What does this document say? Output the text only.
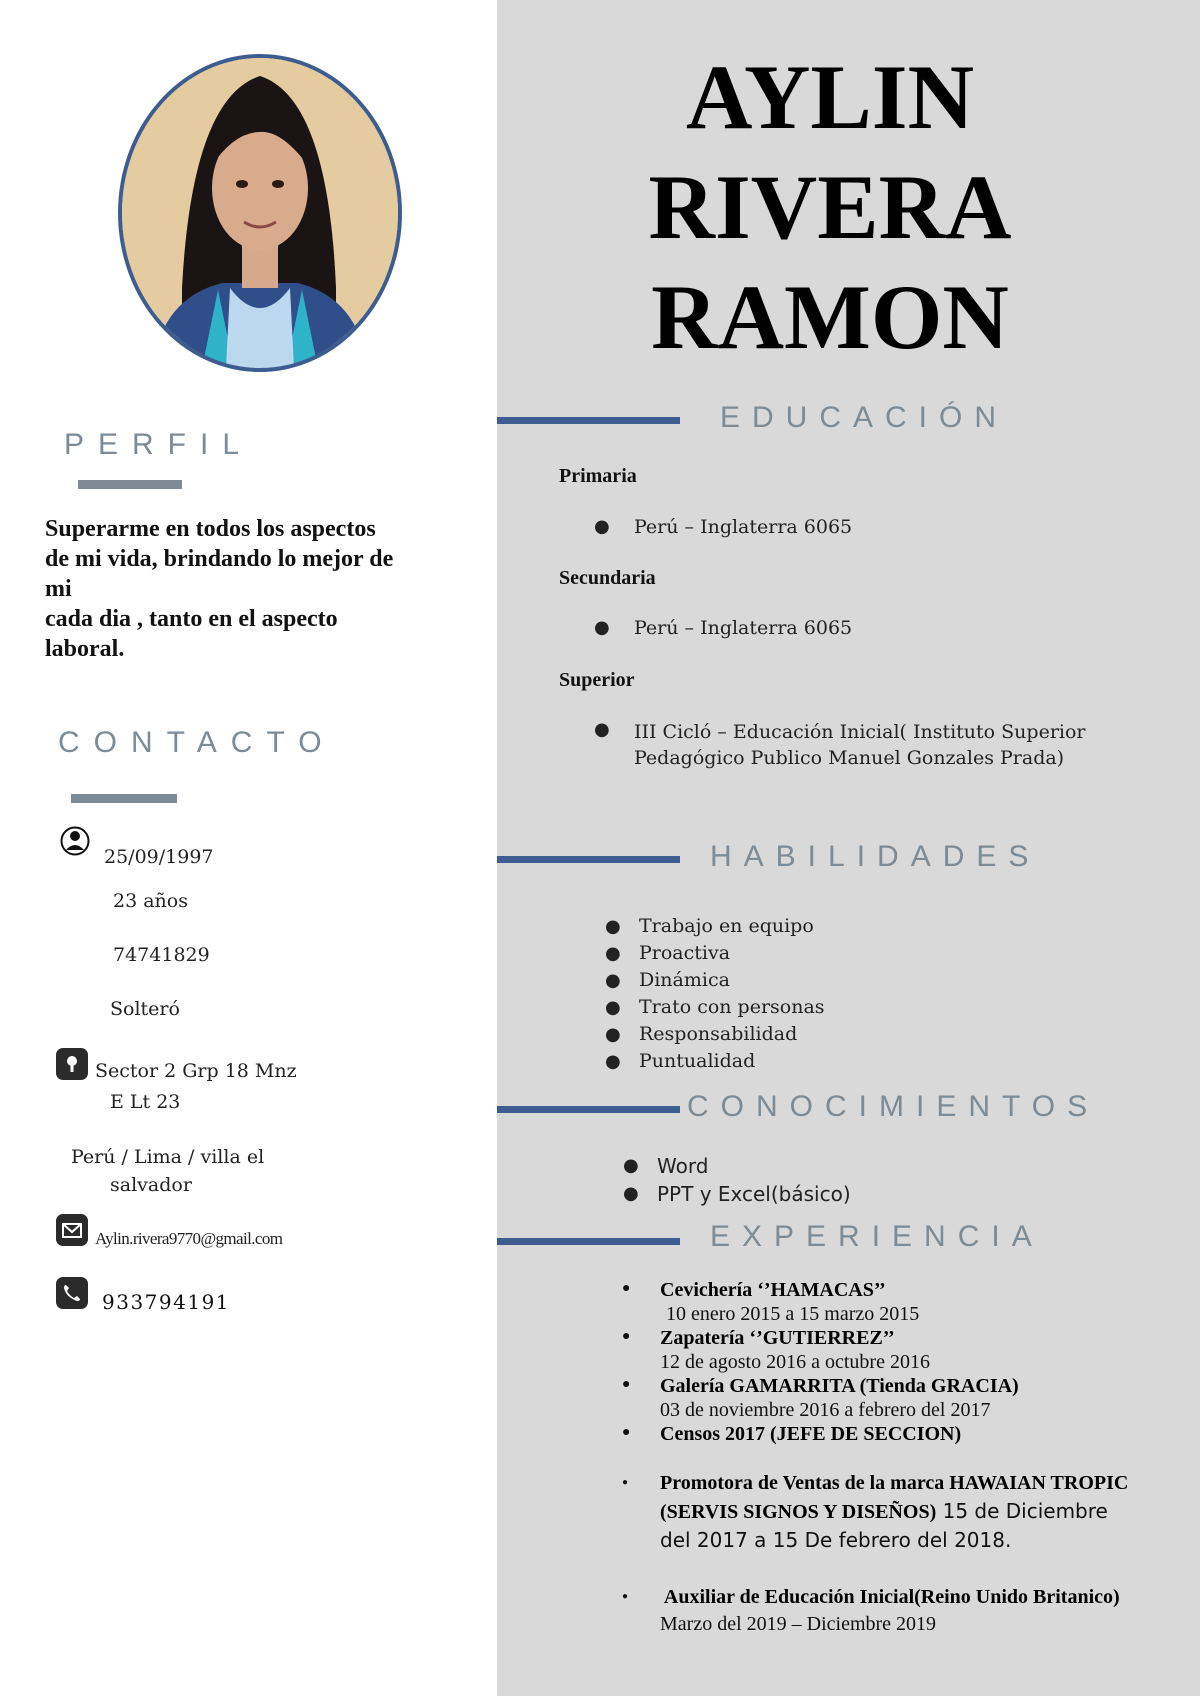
PERFIL

Superarme en todos los aspectos de mi vida, brindando lo mejor de mi
cada dia , tanto en el aspecto laboral.

CONTACTO
25/09/1997
23 años
74741829
Solteró
Sector 2 Grp 18 Mnz
E Lt 23
Perú / Lima / villa el
salvador
Aylin.rivera9770@gmail.com
933794191
AYLIN
RIVERA
RAMON
EDUCACIÓN
Primaria
●	Perú – Inglaterra 6065
Secundaria
●	Perú – Inglaterra 6065
Superior
●	III Cicló – Educación Inicial( Instituto Superior
Pedagógico Publico Manuel Gonzales Prada)
HABILIDADES
● Trabajo en equipo
● Proactiva
● Dinámica
● Trato con personas
● Responsabilidad
● Puntualidad
CONOCIMIENTOS
● Word
● PPT y Excel(básico)
EXPERIENCIA
●	Cevichería ‘’HAMACAS’’
10 enero 2015 a 15 marzo 2015
●	Zapatería ‘’GUTIERREZ’’
12 de agosto 2016 a octubre 2016
●	Galería GAMARRITA (Tienda GRACIA)
03 de noviembre 2016 a febrero del 2017
●	Censos 2017 (JEFE DE SECCION)
●	Promotora de Ventas de la marca HAWAIAN TROPIC
(SERVIS SIGNOS Y DISEÑOS) 15 de Diciembre
del 2017 a 15 De febrero del 2018.
●	Auxiliar de Educación Inicial(Reino Unido Britanico)
Marzo del 2019 – Diciembre 2019
